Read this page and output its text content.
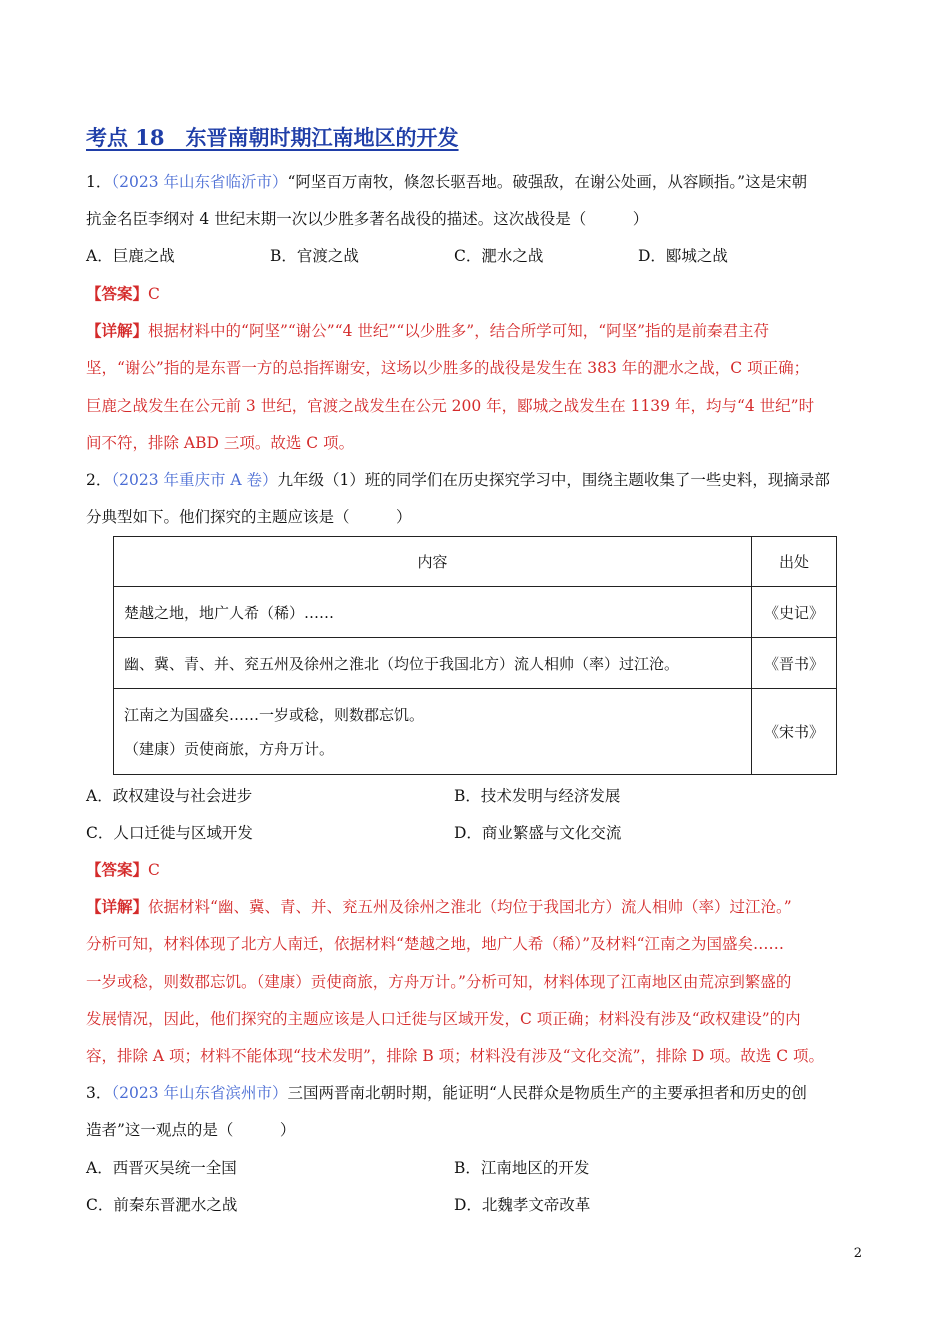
考点 18　东晋南朝时期江南地区的开发
1．（2023 年山东省临沂市）“阿坚百万南牧，倏忽长驱吾地。破强敌，在谢公处画，从容顾指。”这是宋朝
抗金名臣李纲对 4 世纪末期一次以少胜多著名战役的描述。这次战役是（　　　）
A．巨鹿之战	B．官渡之战	C．淝水之战	D．郾城之战
【答案】C
【详解】根据材料中的“阿坚”“谢公”“4 世纪”“以少胜多”，结合所学可知，“阿坚”指的是前秦君主苻
坚，“谢公”指的是东晋一方的总指挥谢安，这场以少胜多的战役是发生在 383 年的淝水之战，C 项正确；
巨鹿之战发生在公元前 3 世纪，官渡之战发生在公元 200 年，郾城之战发生在 1139 年，均与“4 世纪”时
间不符，排除 ABD 三项。故选 C 项。
2．（2023 年重庆市 A 卷）九年级（1）班的同学们在历史探究学习中，围绕主题收集了一些史料，现摘录部
分典型如下。他们探究的主题应该是（　　　）
内容	出处
楚越之地，地广人希（稀）……	《史记》
幽、冀、青、并、兖五州及徐州之淮北（均位于我国北方）流人相帅（率）过江沧。	《晋书》

江南之为国盛矣……一岁或稔，则数郡忘饥。
（建康）贡使商旅，方舟万计。	《宋书》
A．政权建设与社会进步	B．技术发明与经济发展
C．人口迁徙与区域开发	D．商业繁盛与文化交流
【答案】C
【详解】依据材料“幽、冀、青、并、兖五州及徐州之淮北（均位于我国北方）流人相帅（率）过江沧。”
分析可知，材料体现了北方人南迁，依据材料“楚越之地，地广人希（稀）”及材料“江南之为国盛矣……
一岁或稔，则数郡忘饥。（建康）贡使商旅，方舟万计。”分析可知，材料体现了江南地区由荒凉到繁盛的
发展情况，因此，他们探究的主题应该是人口迁徙与区域开发，C 项正确；材料没有涉及“政权建设”的内
容，排除 A 项；材料不能体现“技术发明”，排除 B 项；材料没有涉及“文化交流”，排除 D 项。故选 C 项。
3．（2023 年山东省滨州市）三国两晋南北朝时期，能证明“人民群众是物质生产的主要承担者和历史的创
造者”这一观点的是（　　　）
A．西晋灭吴统一全国	B．江南地区的开发
C．前秦东晋淝水之战	D．北魏孝文帝改革
2
